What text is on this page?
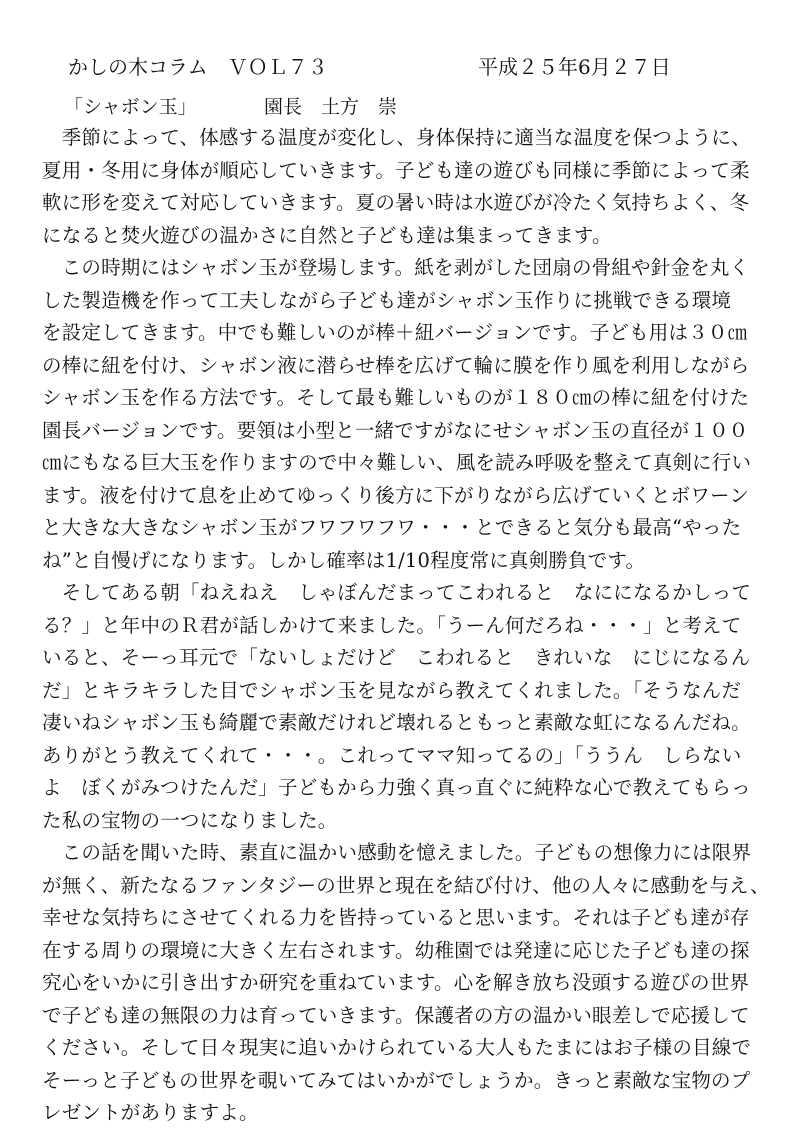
かしの木コラム　ＶＯＬ７３	平成２５年6月２７日
「シャボン玉」	園長　土方　崇
　季節によって、体感する温度が変化し、身体保持に適当な温度を保つように、
夏用・冬用に身体が順応していきます。子ども達の遊びも同様に季節によって柔
軟に形を変えて対応していきます。夏の暑い時は水遊びが冷たく気持ちよく、冬
になると焚火遊びの温かさに自然と子ども達は集まってきます。
　この時期にはシャボン玉が登場します。紙を剥がした団扇の骨組や針金を丸く
した製造機を作って工夫しながら子ども達がシャボン玉作りに挑戦できる環境
を設定してきます。中でも難しいのが棒＋紐バージョンです。子ども用は３０㎝
の棒に紐を付け、シャボン液に潜らせ棒を広げて輪に膜を作り風を利用しながら
シャボン玉を作る方法です。そして最も難しいものが１８０㎝の棒に紐を付けた
園長バージョンです。要領は小型と一緒ですがなにせシャボン玉の直径が１００
㎝にもなる巨大玉を作りますので中々難しい、風を読み呼吸を整えて真剣に行い
ます。液を付けて息を止めてゆっくり後方に下がりながら広げていくとボワーン
と大きな大きなシャボン玉がフワフワフワ・・・とできると気分も最高“やった
ね”と自慢げになります。しかし確率は1/10程度常に真剣勝負です。
　そしてある朝「ねえねえ　しゃぼんだまってこわれると　なにになるかしって
る？」と年中のＲ君が話しかけて来ました。「うーん何だろね・・・」と考えて
いると、そーっ耳元で「ないしょだけど　こわれると　きれいな　にじになるん
だ」とキラキラした目でシャボン玉を見ながら教えてくれました。「そうなんだ
凄いねシャボン玉も綺麗で素敵だけれど壊れるともっと素敵な虹になるんだね。
ありがとう教えてくれて・・・。これってママ知ってるの」「ううん　しらない
よ　ぼくがみつけたんだ」子どもから力強く真っ直ぐに純粋な心で教えてもらっ
た私の宝物の一つになりました。
　この話を聞いた時、素直に温かい感動を憶えました。子どもの想像力には限界
が無く、新たなるファンタジーの世界と現在を結び付け、他の人々に感動を与え、
幸せな気持ちにさせてくれる力を皆持っていると思います。それは子ども達が存
在する周りの環境に大きく左右されます。幼稚園では発達に応じた子ども達の探
究心をいかに引き出すか研究を重ねています。心を解き放ち没頭する遊びの世界
で子ども達の無限の力は育っていきます。保護者の方の温かい眼差しで応援して
ください。そして日々現実に追いかけられている大人もたまにはお子様の目線で
そーっと子どもの世界を覗いてみてはいかがでしょうか。きっと素敵な宝物のプ
レゼントがありますよ。
